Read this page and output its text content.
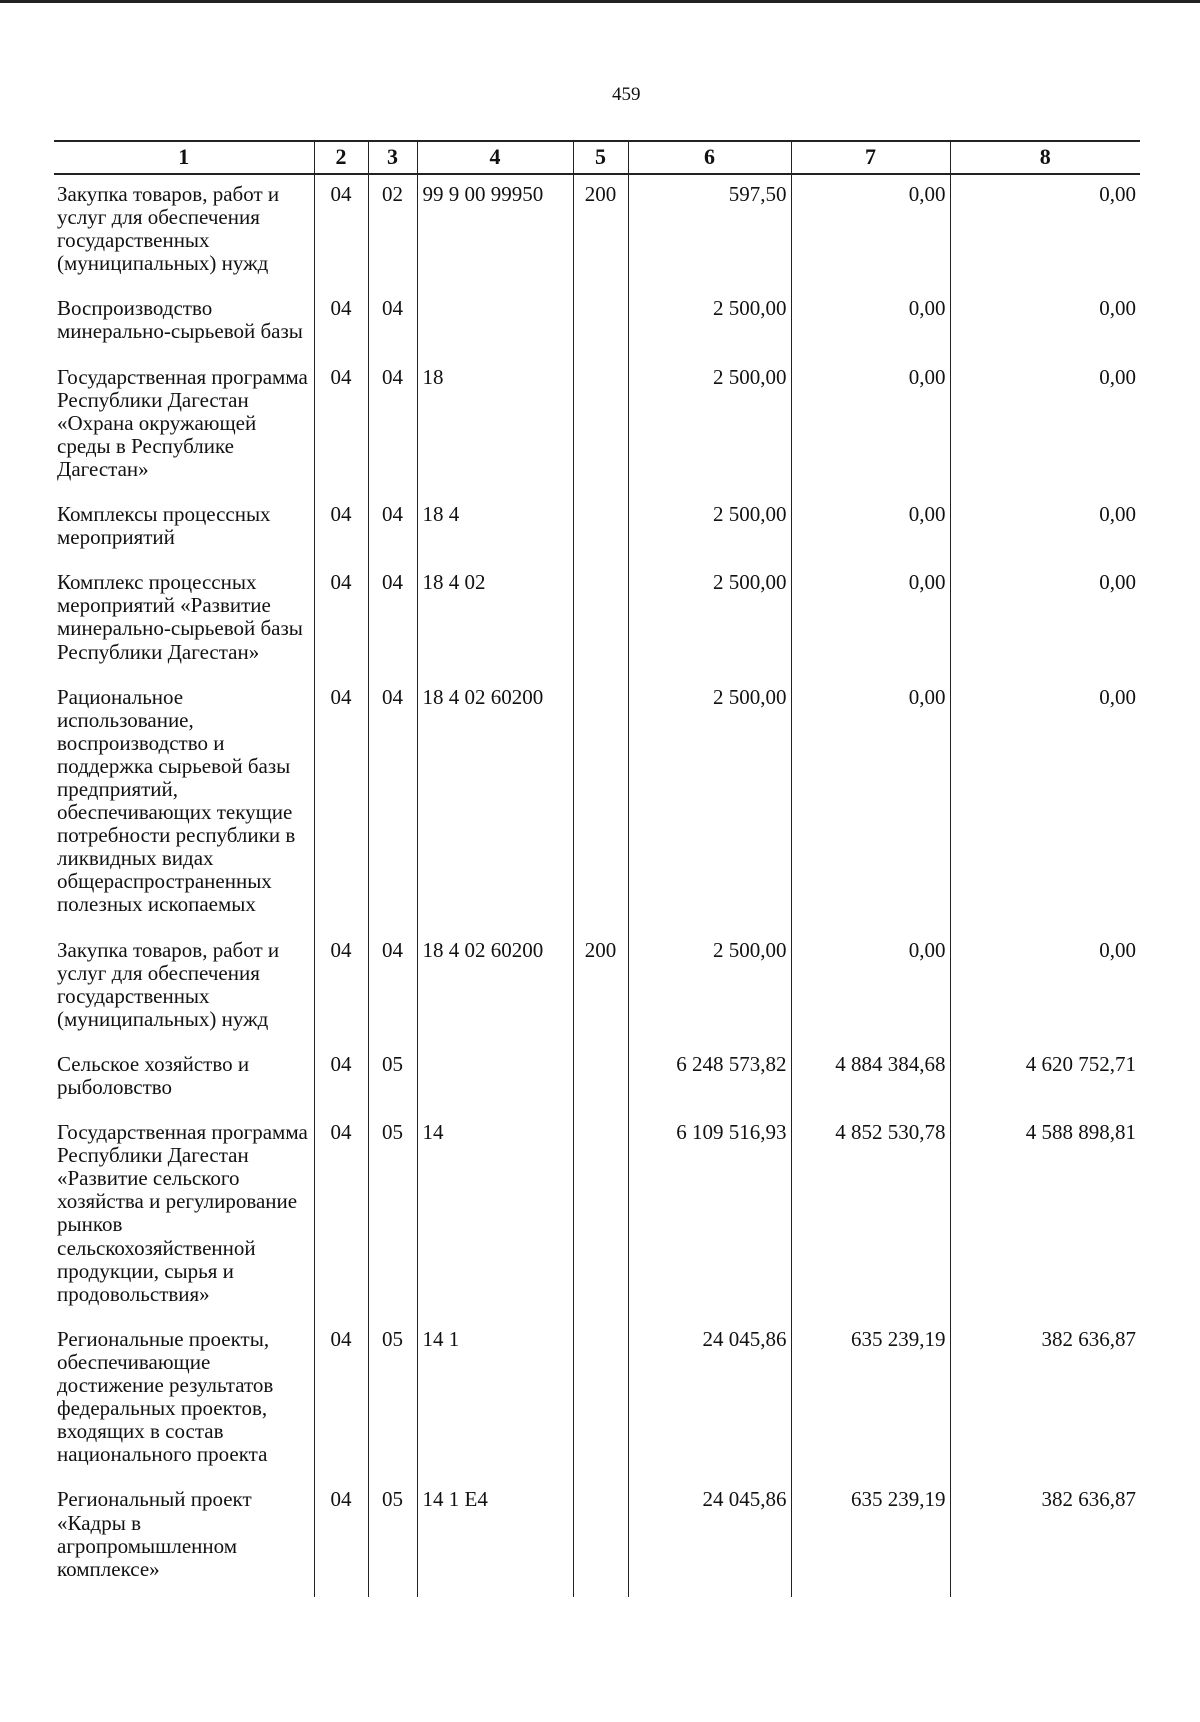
459
1	2	3	4	5	6	7	8
Закупка товаров, работ и услуг для обеспечения государственных (муниципальных) нужд	04	02	99 9 00 99950	200	597,50	0,00	0,00
Воспроизводство минерально-сырьевой базы	04	04			2 500,00	0,00	0,00
Государственная программа Республики Дагестан «Охрана окружающей среды в Республике Дагестан»	04	04	18		2 500,00	0,00	0,00
Комплексы процессных мероприятий	04	04	18 4		2 500,00	0,00	0,00
Комплекс процессных мероприятий «Развитие минерально-сырьевой базы Республики Дагестан»	04	04	18 4 02		2 500,00	0,00	0,00
Рациональное использование, воспроизводство и поддержка сырьевой базы предприятий, обеспечивающих текущие потребности республики в ликвидных видах общераспространенных полезных ископаемых	04	04	18 4 02 60200		2 500,00	0,00	0,00
Закупка товаров, работ и услуг для обеспечения государственных (муниципальных) нужд	04	04	18 4 02 60200	200	2 500,00	0,00	0,00
Сельское хозяйство и рыболовство	04	05			6 248 573,82	4 884 384,68	4 620 752,71
Государственная программа Республики Дагестан «Развитие сельского хозяйства и регулирование рынков сельскохозяйственной продукции, сырья и продовольствия»	04	05	14		6 109 516,93	4 852 530,78	4 588 898,81
Региональные проекты, обеспечивающие достижение результатов федеральных проектов, входящих в состав национального проекта	04	05	14 1		24 045,86	635 239,19	382 636,87
Региональный проект «Кадры в агропромышленном комплексе»	04	05	14 1 Е4		24 045,86	635 239,19	382 636,87
